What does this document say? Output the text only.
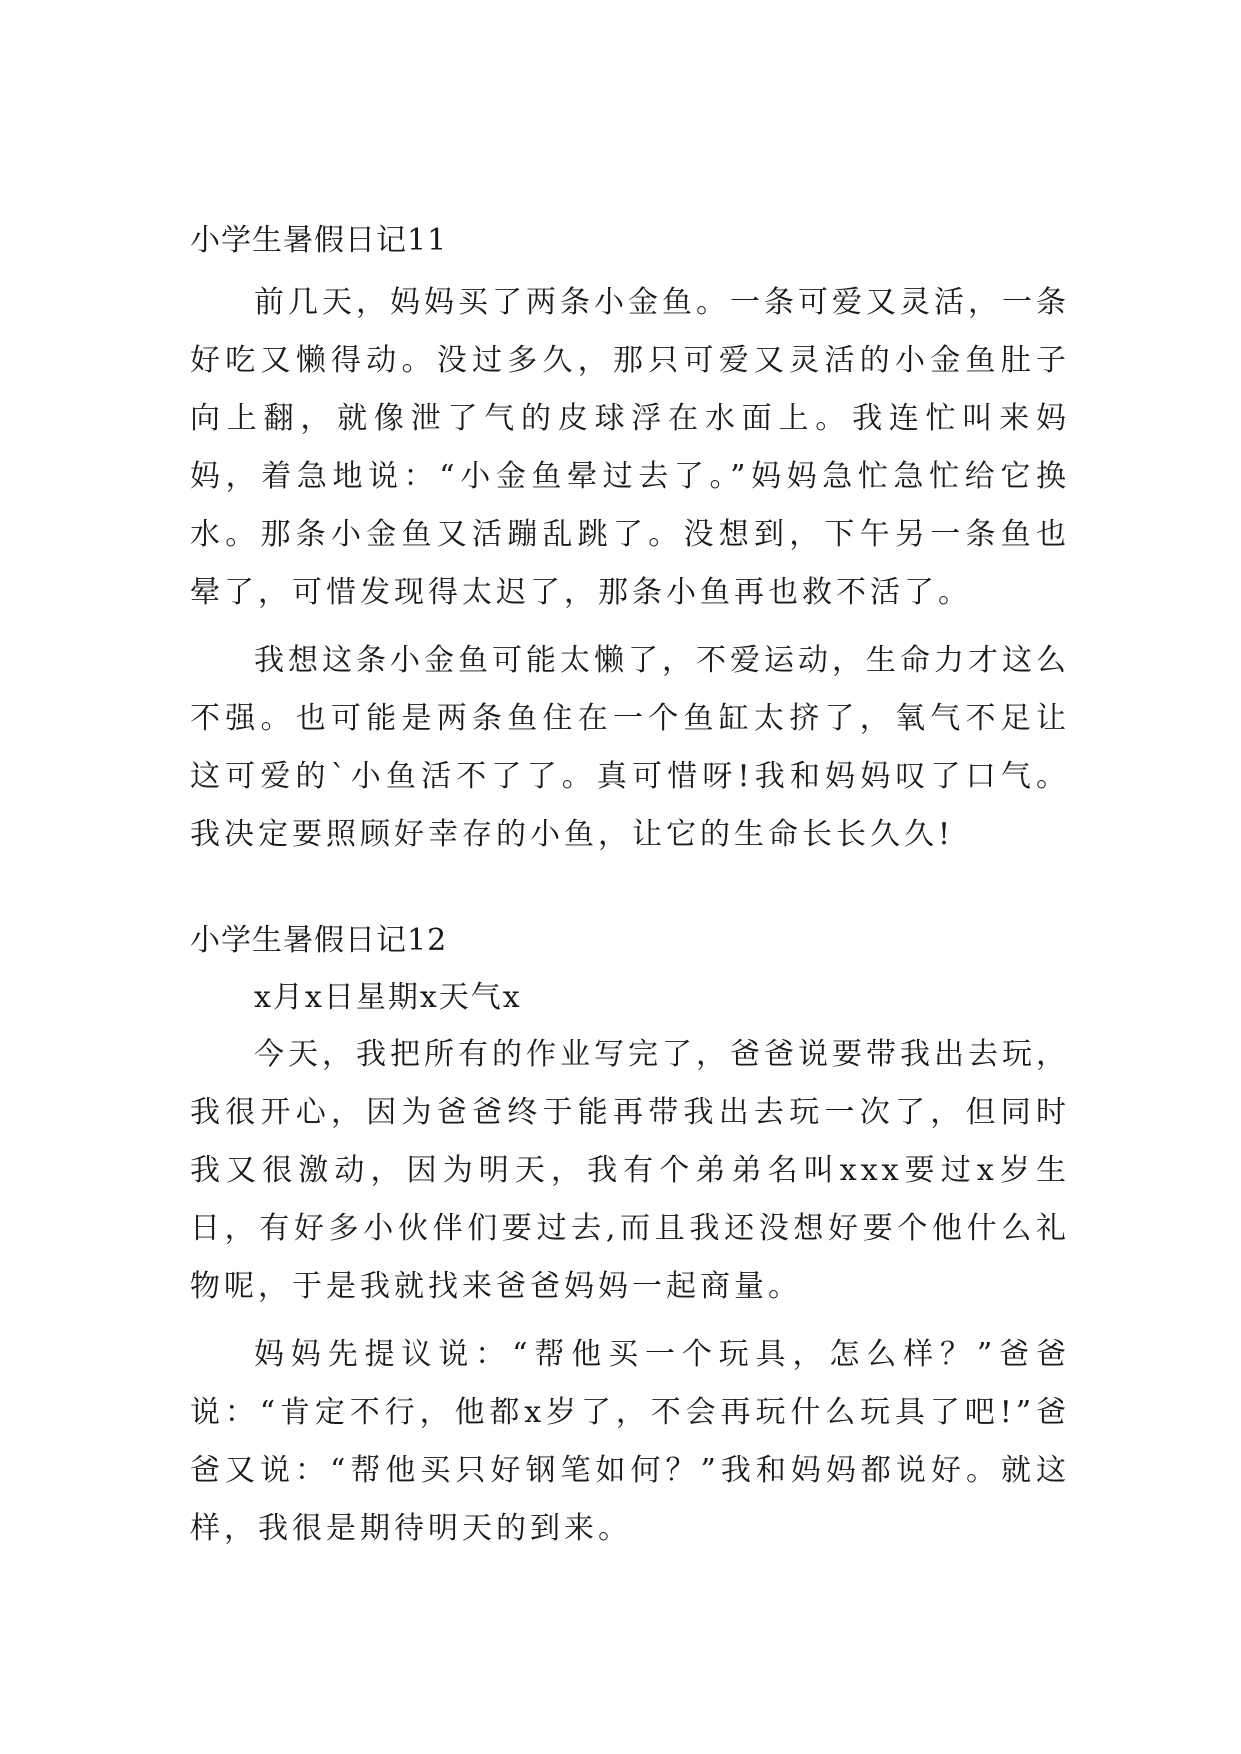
小学生暑假日记11

前几天，妈妈买了两条小金鱼。一条可爱又灵活，一条好吃又懒得动。没过多久，那只可爱又灵活的小金鱼肚子向上翻，就像泄了气的皮球浮在水面上。我连忙叫来妈妈，着急地说：“小金鱼晕过去了。”妈妈急忙急忙给它换水。那条小金鱼又活蹦乱跳了。没想到，下午另一条鱼也晕了，可惜发现得太迟了，那条小鱼再也救不活了。

我想这条小金鱼可能太懒了，不爱运动，生命力才这么不强。也可能是两条鱼住在一个鱼缸太挤了，氧气不足让这可爱的`小鱼活不了了。真可惜呀!我和妈妈叹了口气。我决定要照顾好幸存的小鱼，让它的生命长长久久!

小学生暑假日记12
x月x日星期x天气x

今天，我把所有的作业写完了，爸爸说要带我出去玩，我很开心，因为爸爸终于能再带我出去玩一次了，但同时我又很激动，因为明天，我有个弟弟名叫xxx要过x岁生日，有好多小伙伴们要过去,而且我还没想好要个他什么礼物呢，于是我就找来爸爸妈妈一起商量。

妈妈先提议说：“帮他买一个玩具，怎么样？”爸爸说：“肯定不行，他都x岁了，不会再玩什么玩具了吧!”爸爸又说：“帮他买只好钢笔如何？”我和妈妈都说好。就这样，我很是期待明天的到来。
